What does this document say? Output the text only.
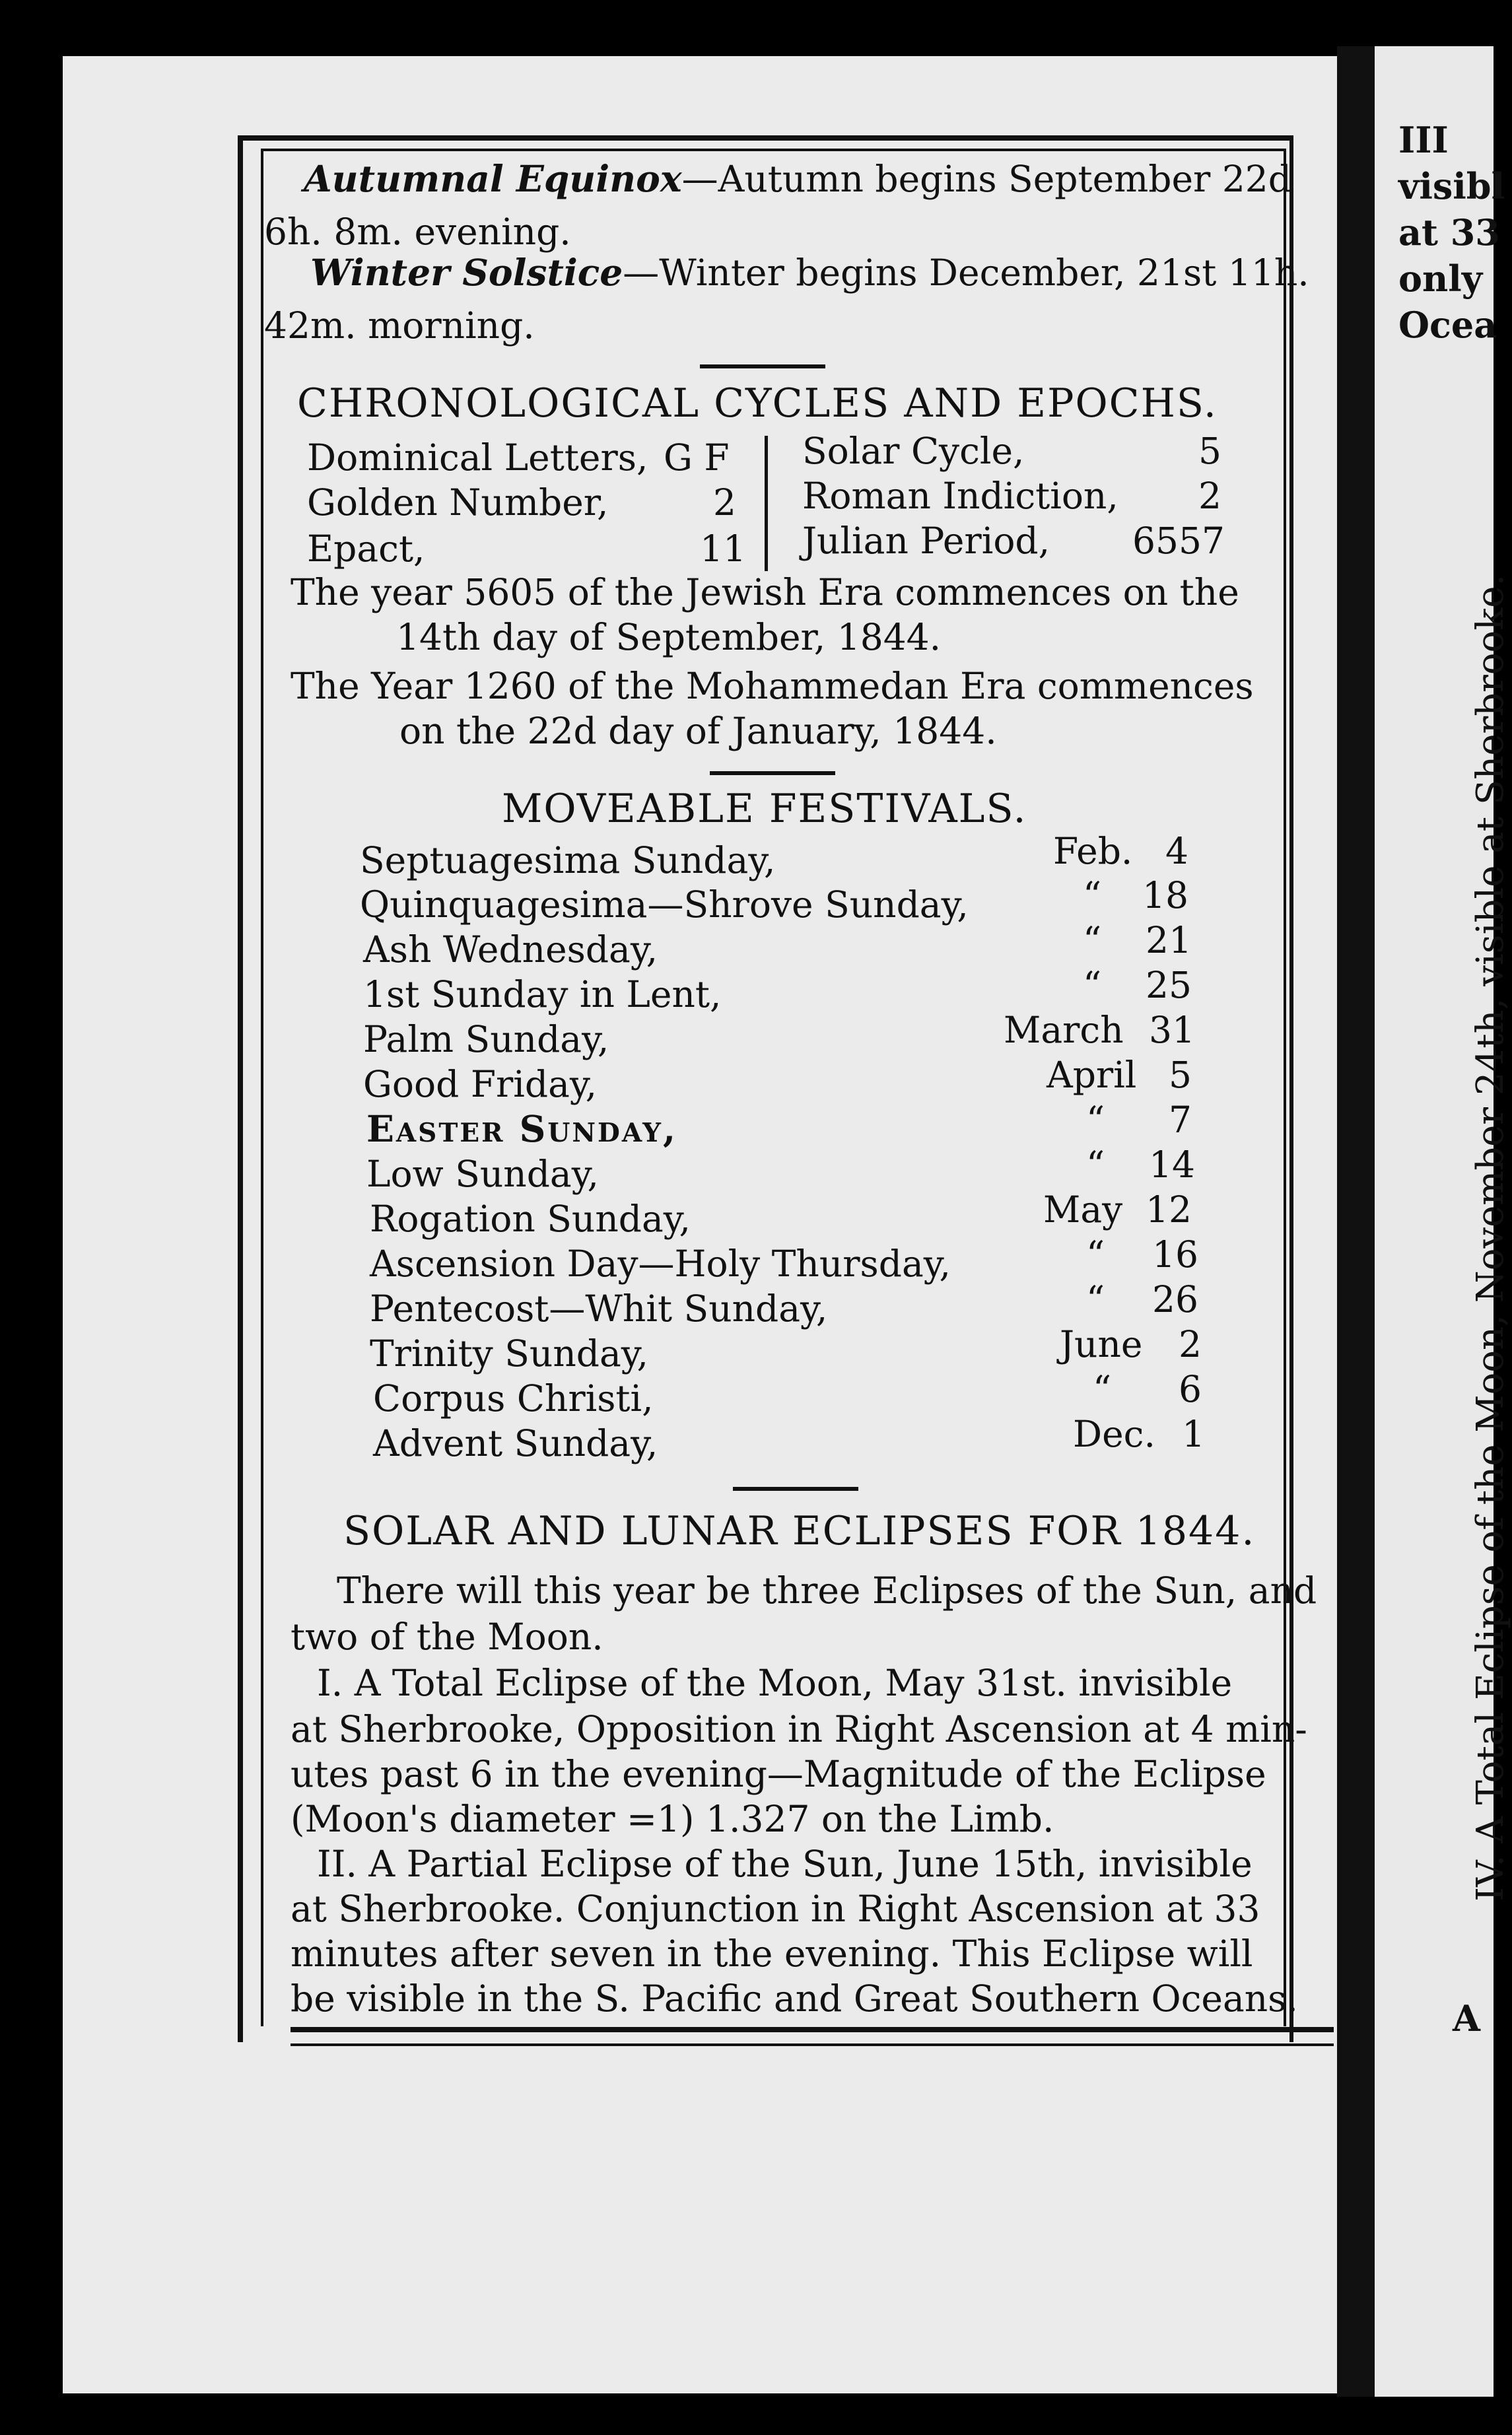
Autumnal Equinox—Autumn begins September 22d
6h. 8m. evening.
Winter Solstice—Winter begins December, 21st 11h.
42m. morning.
CHRONOLOGICAL CYCLES AND EPOCHS.
Dominical Letters, G F
Golden Number,	2
Epact,	11
Solar Cycle,	5
Roman Indiction, 2
Julian Period, 6557
The year 5605 of the Jewish Era commences on the
14th day of September, 1844.
The Year 1260 of the Mohammedan Era commences
on the 22d day of January, 1844.
MOVEABLE FESTIVALS.
Septuagesima Sunday,	Feb. 4
Quinquagesima—Shrove Sunday,	“ 18
Ash Wednesday,	“ 21
1st Sunday in Lent,	“ 25
Palm Sunday,	March 31
Good Friday,	April 5
Easter Sunday,	“ 7
Low Sunday,	“ 14
Rogation Sunday,	May 12
Ascension Day—Holy Thursday,	“ 16
Pentecost—Whit Sunday,	“ 26
Trinity Sunday,	June 2
Corpus Christi,	“ 6
Advent Sunday,	Dec. 1
SOLAR AND LUNAR ECLIPSES FOR 1844.
There will this year be three Eclipses of the Sun, and
two of the Moon.
I. A Total Eclipse of the Moon, May 31st. invisible
at Sherbrooke, Opposition in Right Ascension at 4 min-
utes past 6 in the evening—Magnitude of the Eclipse
(Moon's diameter =1) 1.327 on the Limb.
II. A Partial Eclipse of the Sun, June 15th, invisible
at Sherbrooke. Conjunction in Right Ascension at 33
minutes after seven in the evening. This Eclipse will
be visible in the S. Pacific and Great Southern Oceans.
III
visibl
at 33
only
Ocea
IV. A Total Eclipse of the Moon, November 24th, visible at Sherbrooke.
A
